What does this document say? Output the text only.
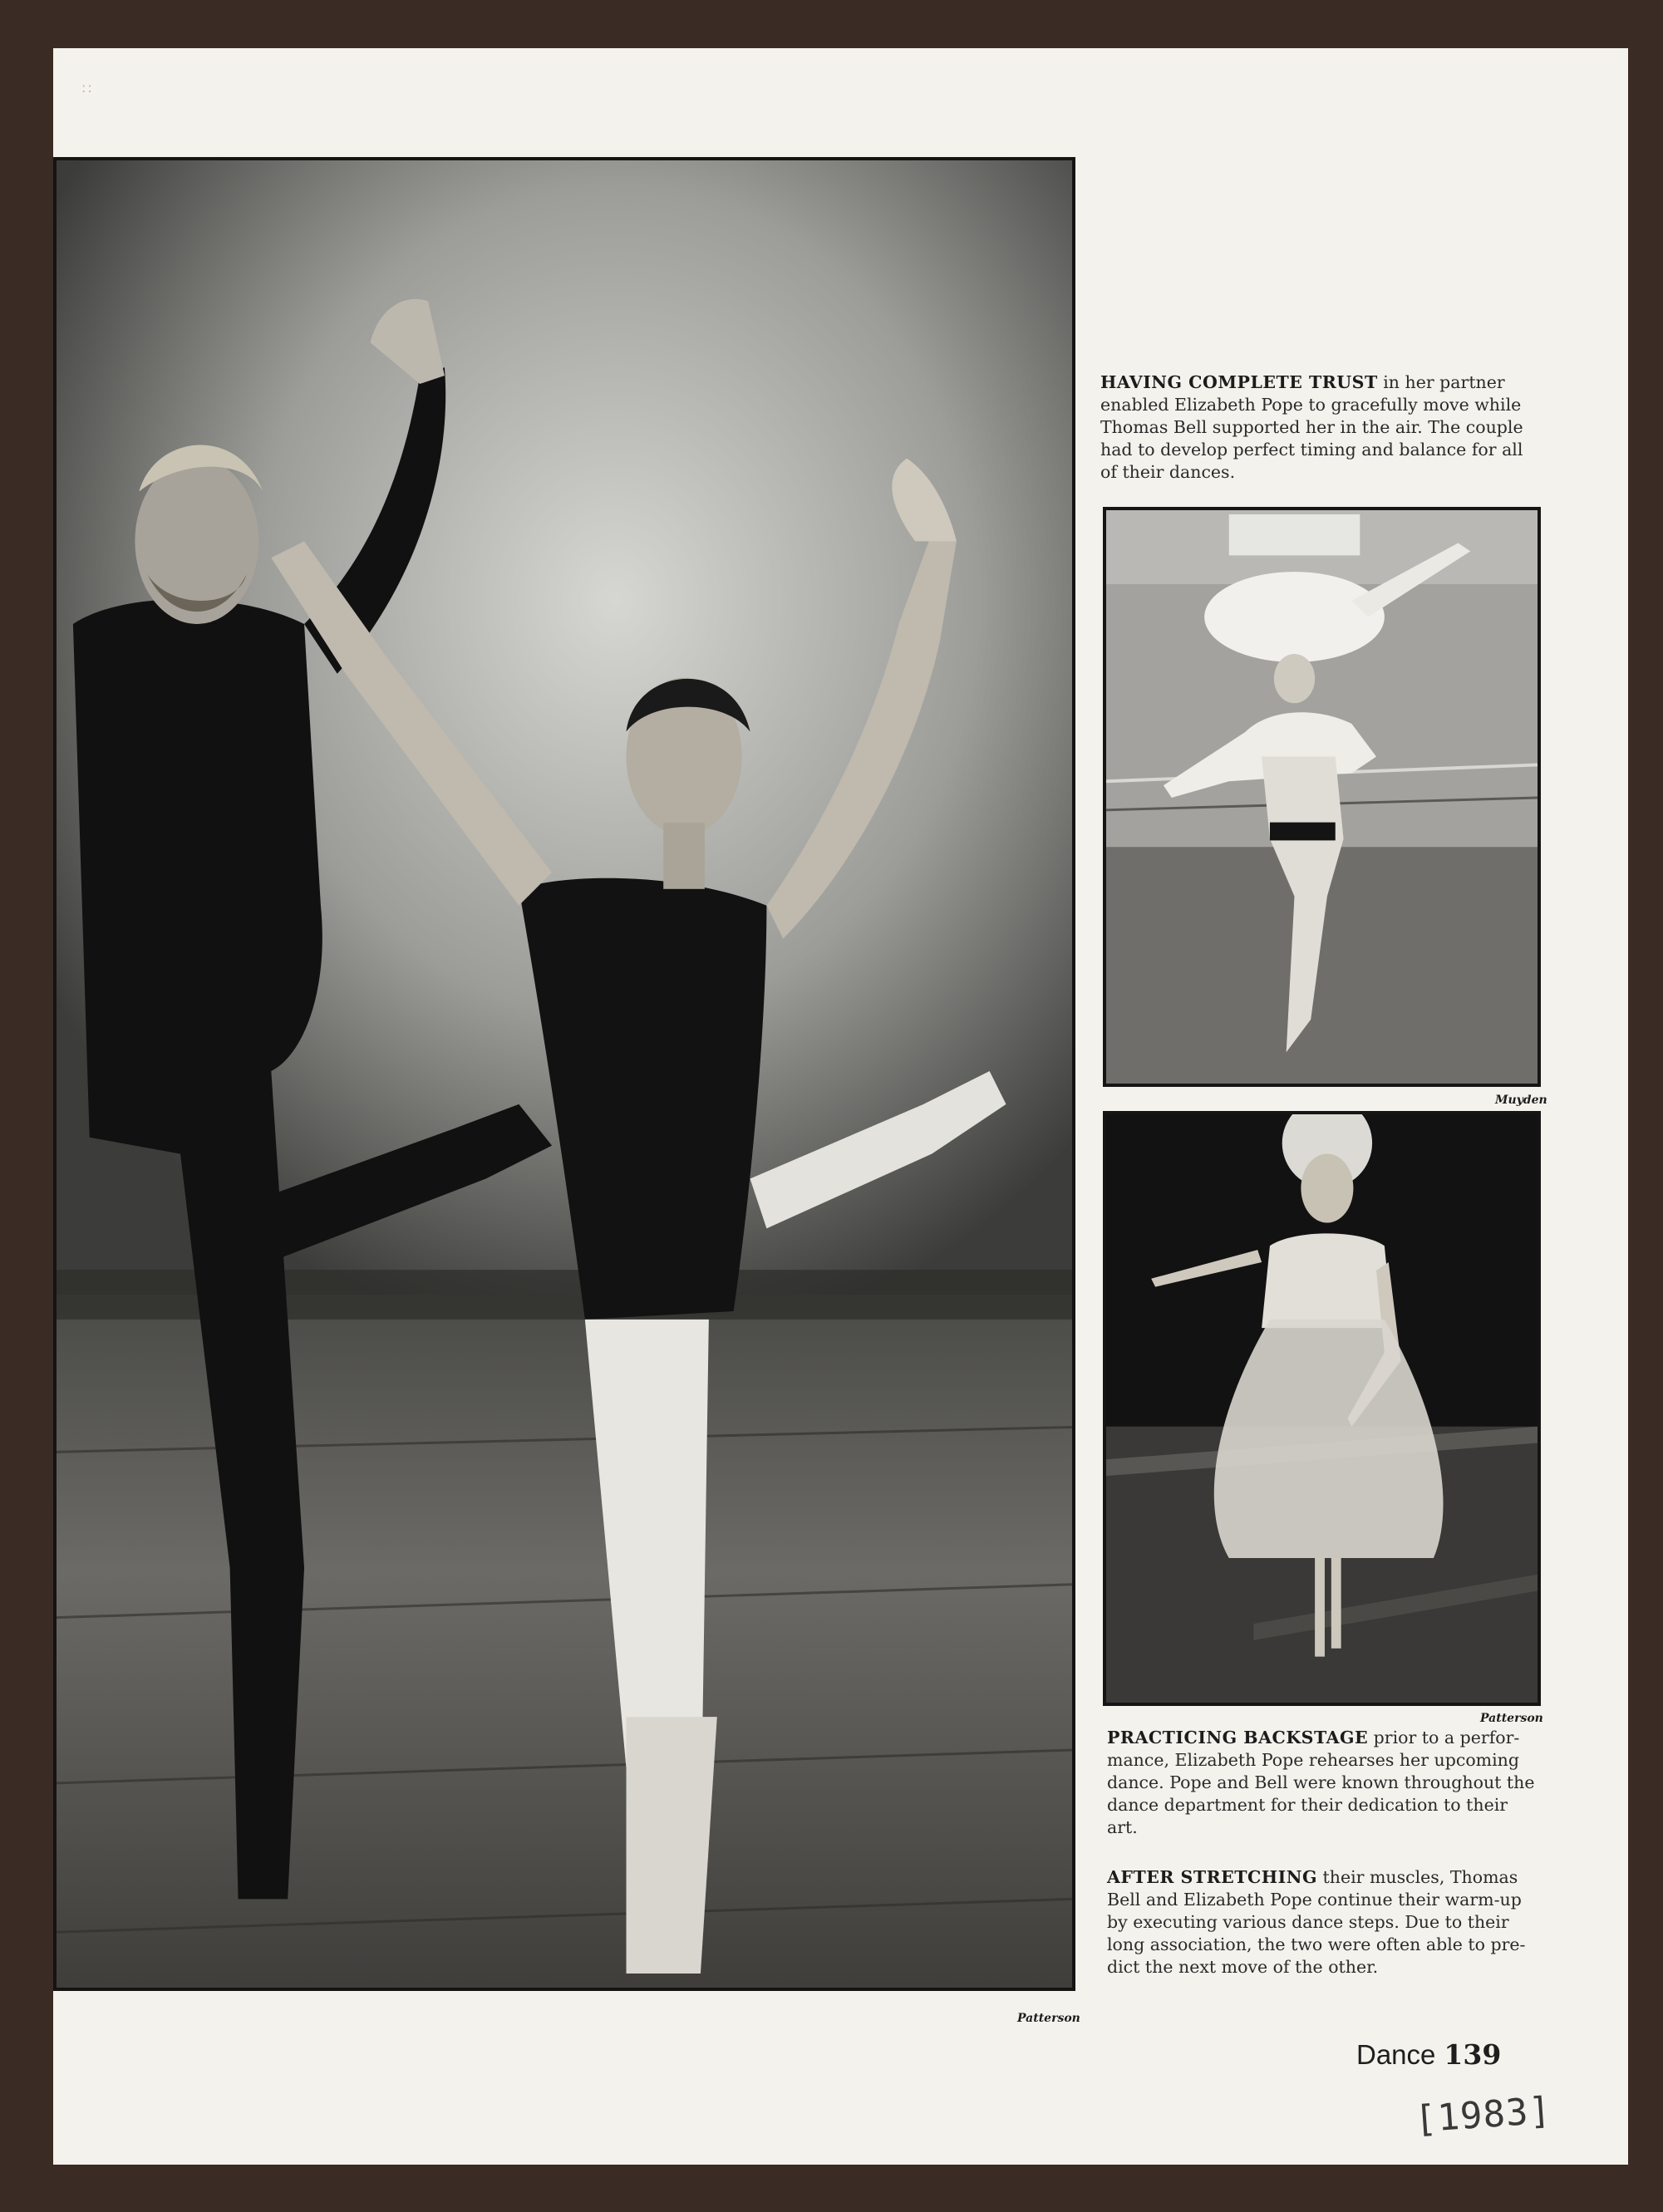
::
Patterson

HAVING COMPLETE TRUST in her partner
enabled Elizabeth Pope to gracefully move while
Thomas Bell supported her in the air. The couple
had to develop perfect timing and balance for all
of their dances.

Muyden
Patterson

PRACTICING BACKSTAGE prior to a perfor-
mance, Elizabeth Pope rehearses her upcoming
dance. Pope and Bell were known throughout the
dance department for their dedication to their
art.

AFTER STRETCHING their muscles, Thomas
Bell and Elizabeth Pope continue their warm-up
by executing various dance steps. Due to their
long association, the two were often able to pre-
dict the next move of the other.

Dance 139
[1983]
